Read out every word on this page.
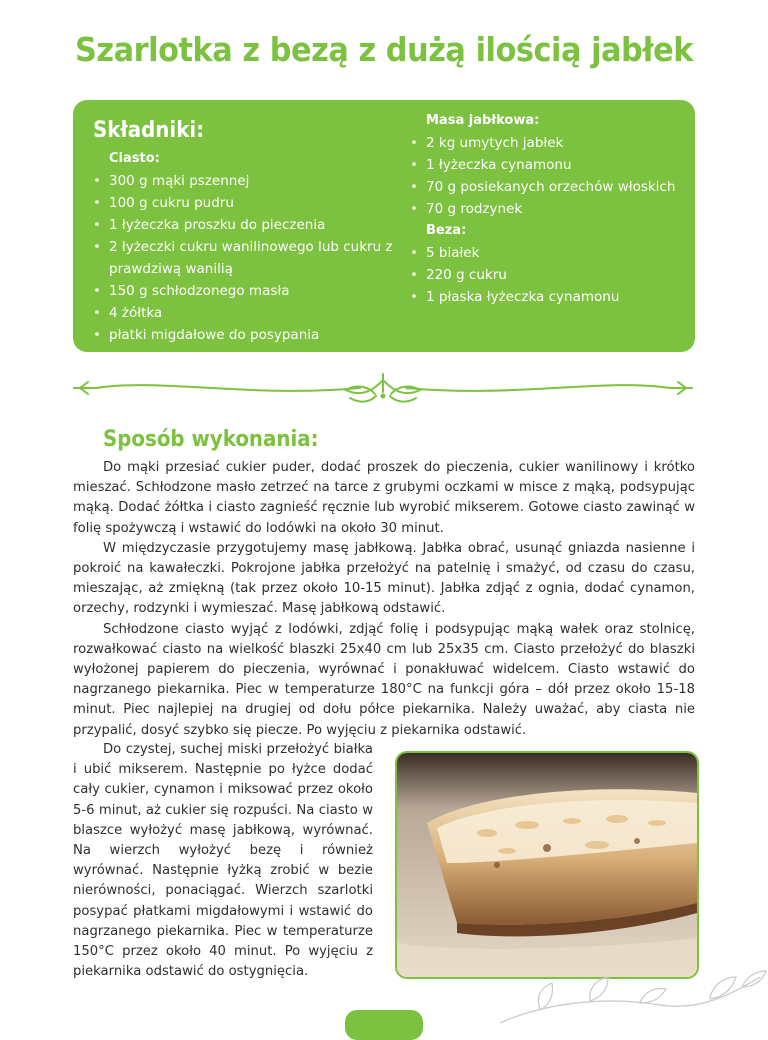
Szarlotka z bezą z dużą ilością jabłek
Składniki:
Ciasto:
• 300 g mąki pszennej
• 100 g cukru pudru
• 1 łyżeczka proszku do pieczenia
• 2 łyżeczki cukru wanilinowego lub cukru z prawdziwą wanilią
• 150 g schłodzonego masła
• 4 żółtka
• płatki migdałowe do posypania
Masa jabłkowa:
• 2 kg umytych jabłek
• 1 łyżeczka cynamonu
• 70 g posiekanych orzechów włoskich
• 70 g rodzynek
Beza:
• 5 białek
• 220 g cukru
• 1 płaska łyżeczka cynamonu
Sposób wykonania:

Do mąki przesiać cukier puder, dodać proszek do pieczenia, cukier wanilinowy i krótko mieszać. Schłodzone masło zetrzeć na tarce z grubymi oczkami w misce z mąką, podsypując mąką. Dodać żółtka i ciasto zagnieść ręcznie lub wyrobić mikserem. Gotowe ciasto zawinąć w folię spożywczą i wstawić do lodówki na około 30 minut.

W międzyczasie przygotujemy masę jabłkową. Jabłka obrać, usunąć gniazda nasienne i pokroić na kawałeczki. Pokrojone jabłka przełożyć na patelnię i smażyć, od czasu do czasu, mieszając, aż zmiękną (tak przez około 10-15 minut). Jabłka zdjąć z ognia, dodać cynamon, orzechy, rodzynki i wymieszać. Masę jabłkową odstawić.

Schłodzone ciasto wyjąć z lodówki, zdjąć folię i podsypując mąką wałek oraz stolnicę, rozwałkować ciasto na wielkość blaszki 25x40 cm lub 25x35 cm. Ciasto przełożyć do blaszki wyłożonej papierem do pieczenia, wyrównać i ponakłuwać widelcem. Ciasto wstawić do nagrzanego piekarnika. Piec w temperaturze 180°C na funkcji góra – dół przez około 15-18 minut. Piec najlepiej na drugiej od dołu półce piekarnika. Należy uważać, aby ciasta nie przypalić, dosyć szybko się piecze. Po wyjęciu z piekarnika odstawić.

Do czystej, suchej miski przełożyć białka i ubić mikserem. Następnie po łyżce dodać cały cukier, cynamon i miksować przez około 5-6 minut, aż cukier się rozpuści. Na ciasto w blaszce wyłożyć masę jabłkową, wyrównać. Na wierzch wyłożyć bezę i również wyrównać. Następnie łyżką zrobić w bezie nierówności, ponaciągać. Wierzch szarlotki posypać płatkami migdałowymi i wstawić do nagrzanego piekarnika. Piec w temperaturze 150°C przez około 40 minut. Po wyjęciu z piekarnika odstawić do ostygnięcia.
